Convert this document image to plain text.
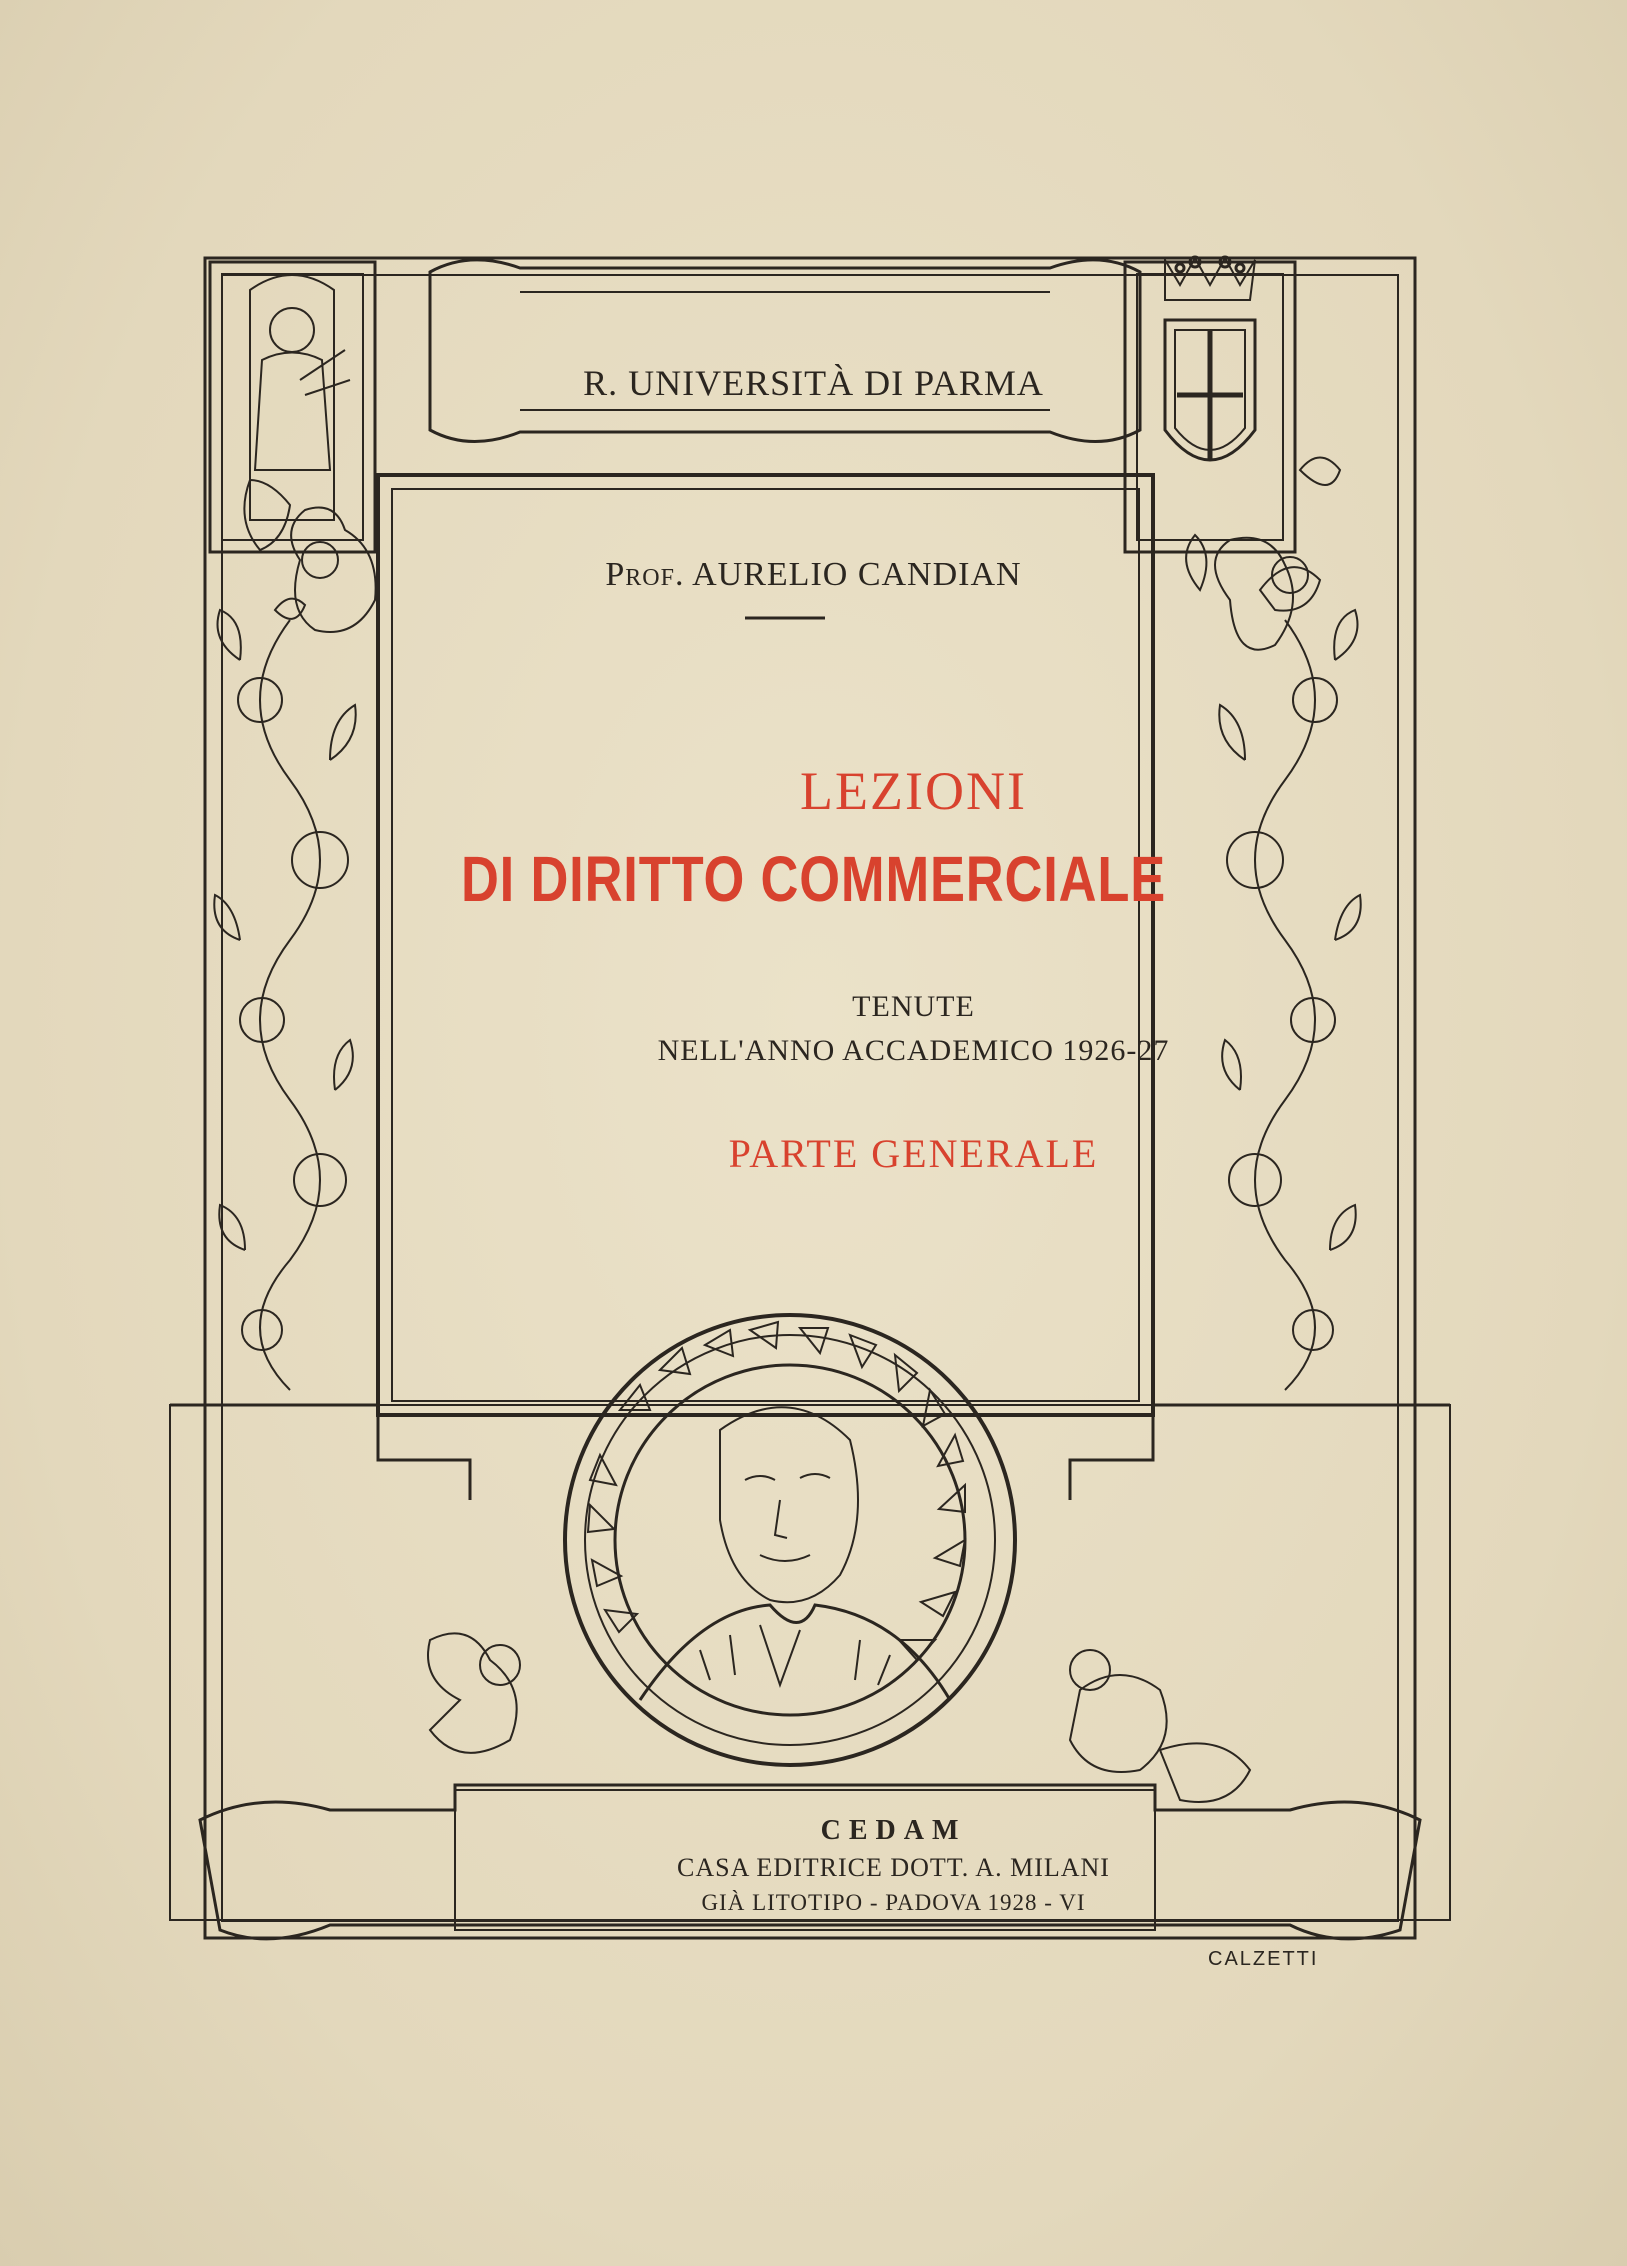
R. UNIVERSITÀ DI PARMA
Prof. AURELIO CANDIAN
LEZIONI
DI DIRITTO COMMERCIALE
TENUTE
NELL'ANNO ACCADEMICO 1926-27
PARTE GENERALE
CEDAM
CASA EDITRICE DOTT. A. MILANI
GIÀ LITOTIPO - PADOVA 1928 - VI
CALZETTI
